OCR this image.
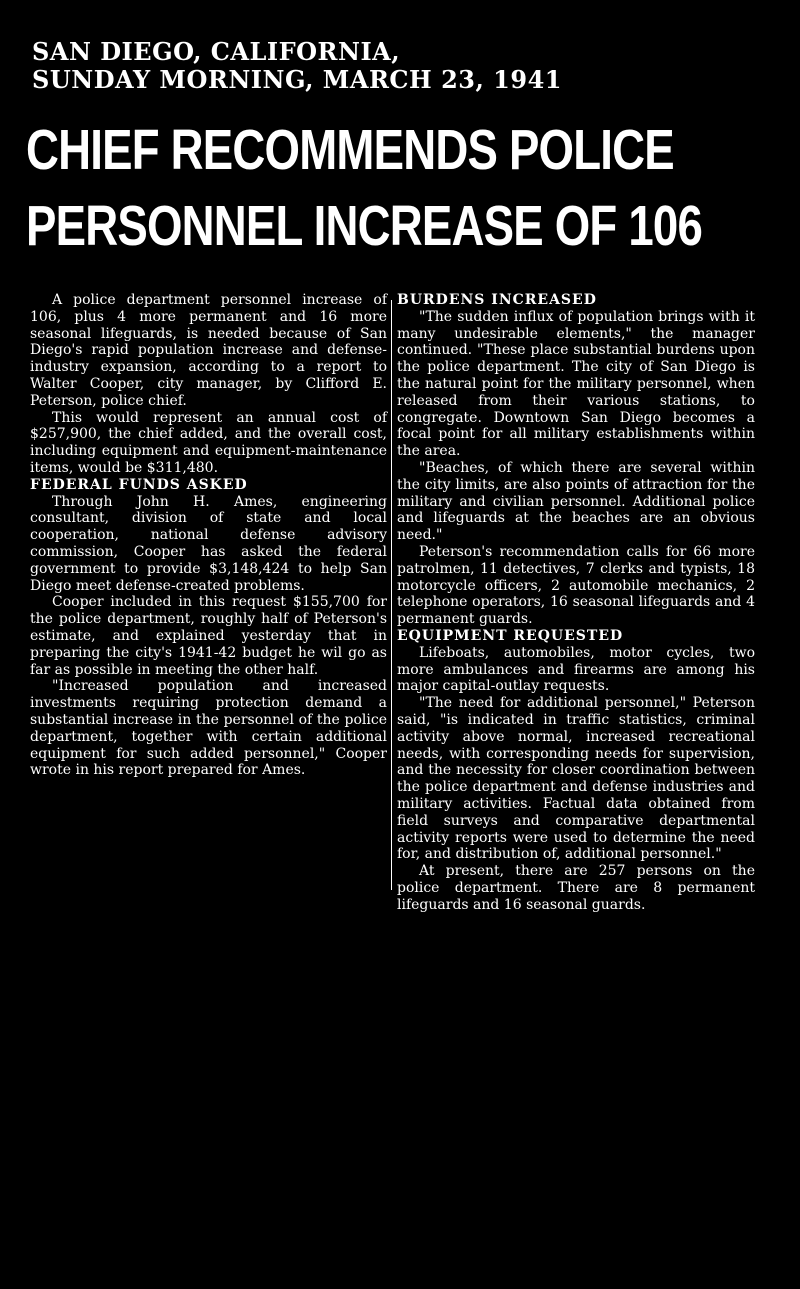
SAN DIEGO, CALIFORNIA,
SUNDAY MORNING, MARCH 23, 1941
CHIEF RECOMMENDS POLICE
PERSONNEL INCREASE OF 106

A police department personnel increase of 106, plus 4 more permanent and 16 more seasonal lifeguards, is needed because of San Diego's rapid population increase and defense-industry expansion, according to a report to Walter Cooper, city manager, by Clifford E. Peterson, police chief.

This would represent an annual cost of $257,900, the chief added, and the overall cost, including equipment and equipment-maintenance items, would be $311,480.

FEDERAL FUNDS ASKED

Through John H. Ames, engineering consultant, division of state and local cooperation, national defense advisory commission, Cooper has asked the federal government to provide $3,148,424 to help San Diego meet defense-created problems.

Cooper included in this request $155,700 for the police department, roughly half of Peterson's estimate, and explained yesterday that in preparing the city's 1941-42 budget he wil go as far as possible in meeting the other half.

"Increased population and increased investments requiring protection demand a substantial increase in the personnel of the police department, together with certain additional equipment for such added personnel," Cooper wrote in his report prepared for Ames.

BURDENS INCREASED

"The sudden influx of population brings with it many undesirable elements," the manager continued. "These place substantial burdens upon the police department. The city of San Diego is the natural point for the military personnel, when released from their various stations, to congregate. Downtown San Diego becomes a focal point for all military establishments within the area.

"Beaches, of which there are several within the city limits, are also points of attraction for the military and civilian personnel. Additional police and lifeguards at the beaches are an obvious need."

Peterson's recommendation calls for 66 more patrolmen, 11 detectives, 7 clerks and typists, 18 motorcycle officers, 2 automobile mechanics, 2 telephone operators, 16 seasonal lifeguards and 4 permanent guards.

EQUIPMENT REQUESTED

Lifeboats, automobiles, motor cycles, two more ambulances and firearms are among his major capital-outlay requests.

"The need for additional personnel," Peterson said, "is indicated in traffic statistics, criminal activity above normal, increased recreational needs, with corresponding needs for supervision, and the necessity for closer coordination between the police department and defense industries and military activities. Factual data obtained from field surveys and comparative departmental activity reports were used to determine the need for, and distribution of, additional personnel."

At present, there are 257 persons on the police department. There are 8 permanent lifeguards and 16 seasonal guards.
